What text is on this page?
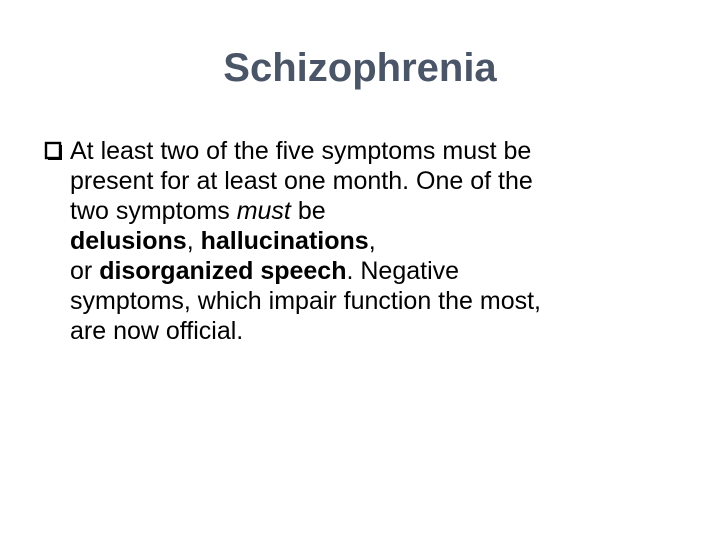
Schizophrenia

At least two of the five symptoms must be
present for at least one month. One of the
two symptoms must be
delusions, hallucinations,
or disorganized speech. Negative
symptoms, which impair function the most,
are now official.
